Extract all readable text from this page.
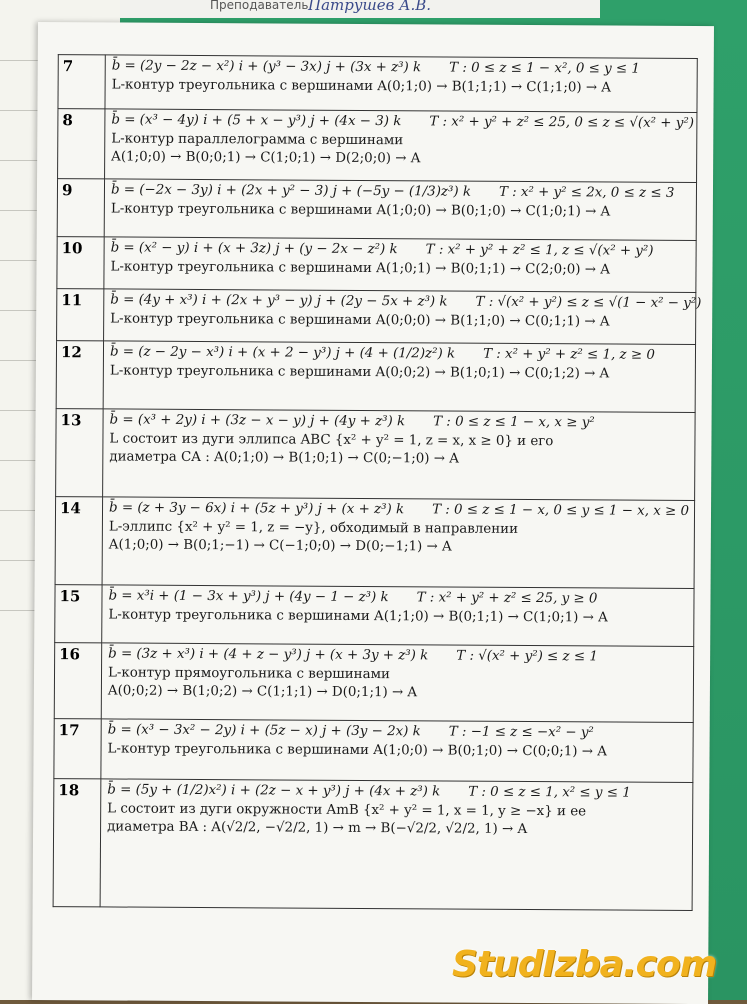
Преподаватель Патрушев А.В.
7	b̄ = (2y − 2z − x²) i + (y³ − 3x) j + (3x + z³) k T : 0 ≤ z ≤ 1 − x², 0 ≤ y ≤ 1
L-контур треугольника с вершинами A(0;1;0) → B(1;1;1) → C(1;1;0) → A

8	b̄ = (x³ − 4y) i + (5 + x − y³) j + (4x − 3) k T : x² + y² + z² ≤ 25, 0 ≤ z ≤ √(x² + y²)
L-контур параллелограмма с вершинами
A(1;0;0) → B(0;0;1) → C(1;0;1) → D(2;0;0) → A

9	b̄ = (−2x − 3y) i + (2x + y² − 3) j + (−5y − (1/3)z³) k T : x² + y² ≤ 2x, 0 ≤ z ≤ 3
L-контур треугольника с вершинами A(1;0;0) → B(0;1;0) → C(1;0;1) → A

10	b̄ = (x² − y) i + (x + 3z) j + (y − 2x − z²) k T : x² + y² + z² ≤ 1, z ≤ √(x² + y²)
L-контур треугольника с вершинами A(1;0;1) → B(0;1;1) → C(2;0;0) → A

11	b̄ = (4y + x³) i + (2x + y³ − y) j + (2y − 5x + z³) k T : √(x² + y²) ≤ z ≤ √(1 − x² − y²)
L-контур треугольника с вершинами A(0;0;0) → B(1;1;0) → C(0;1;1) → A

12	b̄ = (z − 2y − x³) i + (x + 2 − y³) j + (4 + (1/2)z²) k T : x² + y² + z² ≤ 1, z ≥ 0
L-контур треугольника с вершинами A(0;0;2) → B(1;0;1) → C(0;1;2) → A

13	b̄ = (x³ + 2y) i + (3z − x − y) j + (4y + z³) k T : 0 ≤ z ≤ 1 − x, x ≥ y²
L состоит из дуги эллипса ABC {x² + y² = 1, z = x, x ≥ 0} и его
диаметра CA : A(0;1;0) → B(1;0;1) → C(0;−1;0) → A

14	b̄ = (z + 3y − 6x) i + (5z + y³) j + (x + z³) k T : 0 ≤ z ≤ 1 − x, 0 ≤ y ≤ 1 − x, x ≥ 0
L-эллипс {x² + y² = 1, z = −y}, обходимый в направлении
A(1;0;0) → B(0;1;−1) → C(−1;0;0) → D(0;−1;1) → A

15	b̄ = x³i + (1 − 3x + y³) j + (4y − 1 − z³) k T : x² + y² + z² ≤ 25, y ≥ 0
L-контур треугольника с вершинами A(1;1;0) → B(0;1;1) → C(1;0;1) → A

16	b̄ = (3z + x³) i + (4 + z − y³) j + (x + 3y + z³) k T : √(x² + y²) ≤ z ≤ 1
L-контур прямоугольника с вершинами
A(0;0;2) → B(1;0;2) → C(1;1;1) → D(0;1;1) → A

17	b̄ = (x³ − 3x² − 2y) i + (5z − x) j + (3y − 2x) k T : −1 ≤ z ≤ −x² − y²
L-контур треугольника с вершинами A(1;0;0) → B(0;1;0) → C(0;0;1) → A

18	b̄ = (5y + (1/2)x²) i + (2z − x + y³) j + (4x + z³) k T : 0 ≤ z ≤ 1, x² ≤ y ≤ 1
L состоит из дуги окружности AmB {x² + y² = 1, x = 1, y ≥ −x} и ее
диаметра BA : A(√2/2, −√2/2, 1) → m → B(−√2/2, √2/2, 1) → A
StudIzba.com
